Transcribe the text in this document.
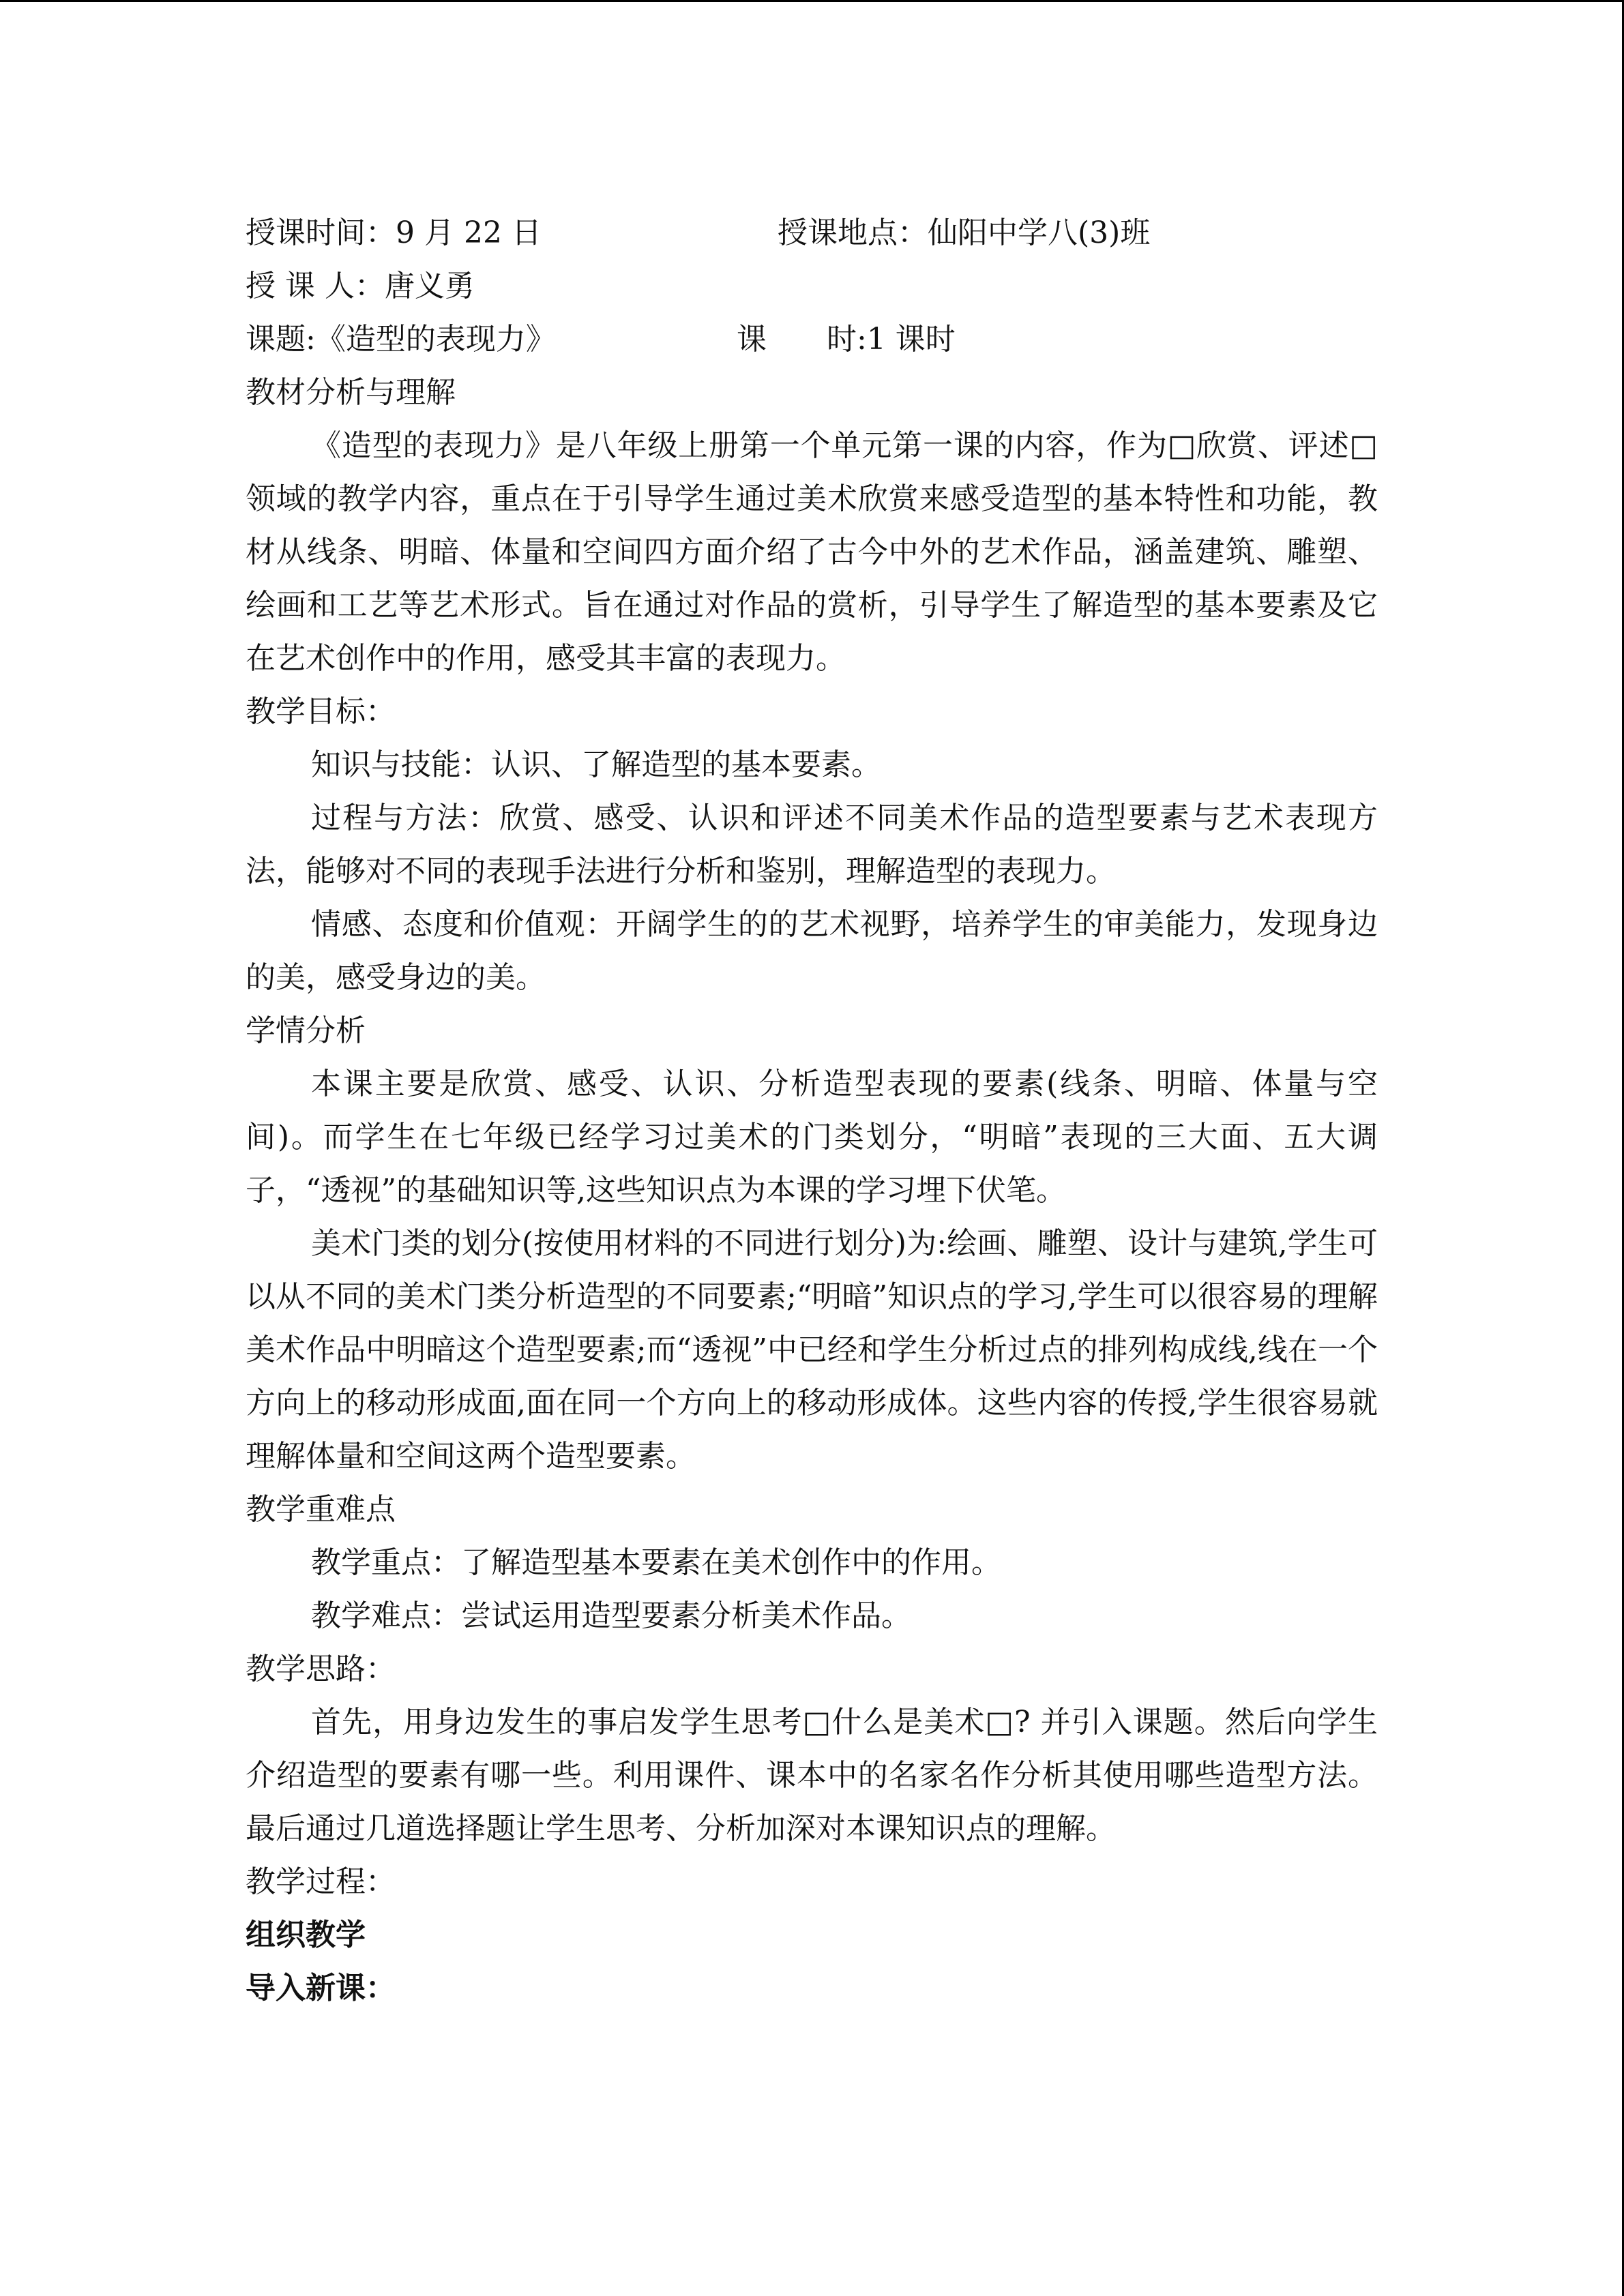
授课时间：9 月 22 日	授课地点：仙阳中学八(3)班
授 课 人：唐义勇
课题:《造型的表现力》	课　　时:1 课时
教材分析与理解

《造型的表现力》是八年级上册第一个单元第一课的内容，作为□欣赏、评述□领域的教学内容，重点在于引导学生通过美术欣赏来感受造型的基本特性和功能，教材从线条、明暗、体量和空间四方面介绍了古今中外的艺术作品，涵盖建筑、雕塑、绘画和工艺等艺术形式。旨在通过对作品的赏析，引导学生了解造型的基本要素及它在艺术创作中的作用，感受其丰富的表现力。

教学目标：

知识与技能：认识、了解造型的基本要素。

过程与方法：欣赏、感受、认识和评述不同美术作品的造型要素与艺术表现方法，能够对不同的表现手法进行分析和鉴别，理解造型的表现力。

情感、态度和价值观：开阔学生的的艺术视野，培养学生的审美能力，发现身边的美，感受身边的美。

学情分析

本课主要是欣赏、感受、认识、分析造型表现的要素(线条、明暗、体量与空间)。而学生在七年级已经学习过美术的门类划分，“明暗”表现的三大面、五大调子，“透视”的基础知识等,这些知识点为本课的学习埋下伏笔。

美术门类的划分(按使用材料的不同进行划分)为:绘画、雕塑、设计与建筑,学生可以从不同的美术门类分析造型的不同要素;“明暗”知识点的学习,学生可以很容易的理解美术作品中明暗这个造型要素;而“透视”中已经和学生分析过点的排列构成线,线在一个方向上的移动形成面,面在同一个方向上的移动形成体。这些内容的传授,学生很容易就理解体量和空间这两个造型要素。

教学重难点
教学重点：了解造型基本要素在美术创作中的作用。
教学难点：尝试运用造型要素分析美术作品。
教学思路：

首先，用身边发生的事启发学生思考□什么是美术□? 并引入课题。然后向学生介绍造型的要素有哪一些。利用课件、课本中的名家名作分析其使用哪些造型方法。最后通过几道选择题让学生思考、分析加深对本课知识点的理解。

教学过程：
组织教学
导入新课：
